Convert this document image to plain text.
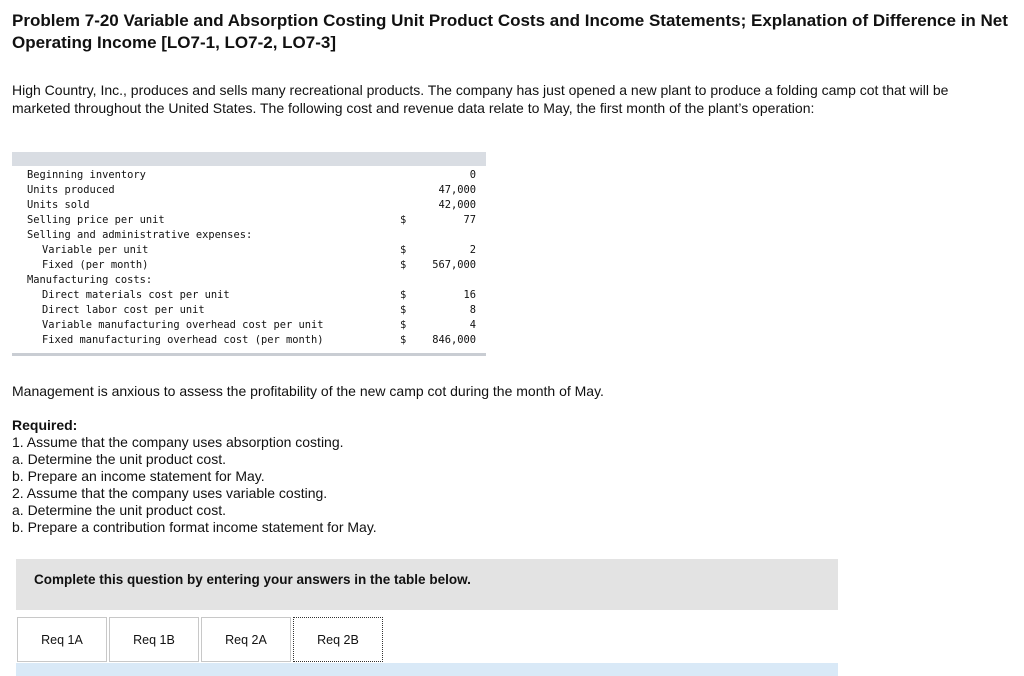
Problem 7-20 Variable and Absorption Costing Unit Product Costs and Income Statements; Explanation of Difference in Net Operating Income [LO7-1, LO7-2, LO7-3]

High Country, Inc., produces and sells many recreational products. The company has just opened a new plant to produce a folding camp cot that will be marketed throughout the United States. The following cost and revenue data relate to May, the first month of the plant’s operation:

Beginning inventory		0
Units produced		47,000
Units sold		42,000
Selling price per unit	$	77
Selling and administrative expenses:		
Variable per unit	$	2
Fixed (per month)	$	567,000
Manufacturing costs:		
Direct materials cost per unit	$	16
Direct labor cost per unit	$	8
Variable manufacturing overhead cost per unit	$	4
Fixed manufacturing overhead cost (per month)	$	846,000

Management is anxious to assess the profitability of the new camp cot during the month of May.

Required:
1. Assume that the company uses absorption costing.
a. Determine the unit product cost.
b. Prepare an income statement for May.
2. Assume that the company uses variable costing.
a. Determine the unit product cost.
b. Prepare a contribution format income statement for May.
Complete this question by entering your answers in the table below.
Req 1A	Req 1B	Req 2A	Req 2B
